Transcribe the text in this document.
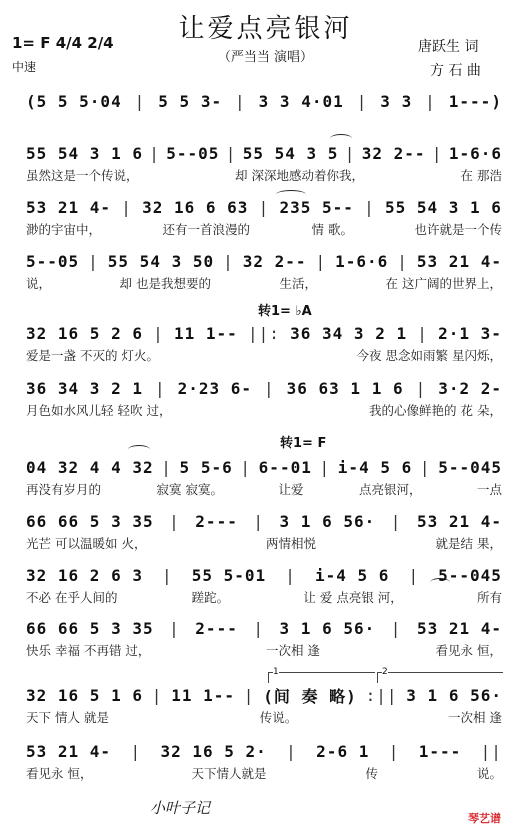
让爱点亮银河
（严当当 演唱）
1= F 4/4 2/4
中速
唐跃生 词
方 石 曲
转1= ♭A
转1= F
1	2
(5 5 5·04 | 5 5 3- | 3 3 4·01 | 3 3 | 1---)
55 54 3 1 6 | 5--05 | 55 54 3 5 | 32 2-- | 1-6·6
虽然这是一个传说，	却 深深地感动着你我，	在 那浩
53 21 4- | 32 16 6 63 | 235 5-- | 55 54 3 1 6
渺的宇宙中，	还有一首浪漫的	情 歌。	也许就是一个传
5--05 | 55 54 3 50 | 32 2-- | 1-6·6 | 53 21 4-
说，	却 也是我想要的	生活，	在 这广阔的世界上，
32 16 5 2 6 | 11 1-- ||: 36 34 3 2 1 | 2·1 3-
爱是一盏 不灭的 灯火。	今夜 思念如雨繁 星闪烁，
36 34 3 2 1 | 2·23 6- | 36 63 1 1 6 | 3·2 2-
月色如水风儿轻 轻吹 过，	我的心像鲜艳的 花 朵，
04 32 4 4 32 | 5 5-6 | 6--01 | i-4 5 6 | 5--045
再没有岁月的	寂寞 寂寞。	让爱	点亮银河，	一点
66 66 5 3 35 | 2--- | 3 1 6 56· | 53 21 4-
光芒 可以温暖如 火，	两情相悦	就是结 果，
32 16 2 6 3 | 55 5-01 | i-4 5 6 | 5--045
不必 在乎人间的	蹉跎。	让 爱 点亮银 河，	所有
66 66 5 3 35 | 2--- | 3 1 6 56· | 53 21 4-
快乐 幸福 不再错 过，	一次相 逢	看见永 恒，
32 16 5 1 6 | 11 1-- | (间 奏 略) :|| 3 1 6 56·
天下 情人 就是	传说。	一次相 逢
53 21 4- | 32 16 5 2· | 2-6 1 | 1--- ||
看见永 恒，	天下情人就是	传	说。
小叶子记
琴艺谱
